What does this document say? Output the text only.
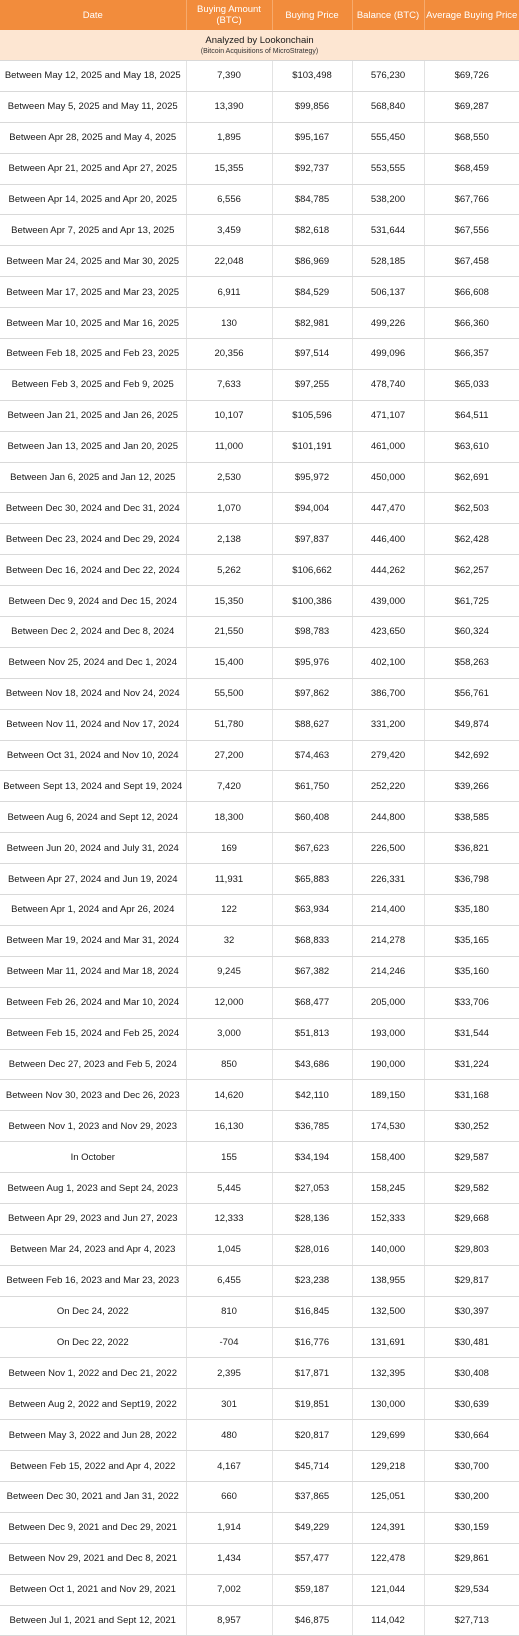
Date	Buying Amount (BTC)	Buying Price	Balance (BTC)	Average Buying Price

Analyzed by Lookonchain
(Bitcoin Acquisitions of MicroStrategy)				

Between May 12, 2025 and May 18, 2025	7,390	$103,498	576,230	$69,726
Between May 5, 2025 and May 11, 2025	13,390	$99,856	568,840	$69,287
Between Apr 28, 2025 and May 4, 2025	1,895	$95,167	555,450	$68,550
Between Apr 21, 2025 and Apr 27, 2025	15,355	$92,737	553,555	$68,459
Between Apr 14, 2025 and Apr 20, 2025	6,556	$84,785	538,200	$67,766
Between Apr 7, 2025 and Apr 13, 2025	3,459	$82,618	531,644	$67,556
Between Mar 24, 2025 and Mar 30, 2025	22,048	$86,969	528,185	$67,458
Between Mar 17, 2025 and Mar 23, 2025	6,911	$84,529	506,137	$66,608
Between Mar 10, 2025 and Mar 16, 2025	130	$82,981	499,226	$66,360
Between Feb 18, 2025 and Feb 23, 2025	20,356	$97,514	499,096	$66,357
Between Feb 3, 2025 and Feb 9, 2025	7,633	$97,255	478,740	$65,033
Between Jan 21, 2025 and Jan 26, 2025	10,107	$105,596	471,107	$64,511
Between Jan 13, 2025 and Jan 20, 2025	11,000	$101,191	461,000	$63,610
Between Jan 6, 2025 and Jan 12, 2025	2,530	$95,972	450,000	$62,691
Between Dec 30, 2024 and Dec 31, 2024	1,070	$94,004	447,470	$62,503
Between Dec 23, 2024 and Dec 29, 2024	2,138	$97,837	446,400	$62,428
Between Dec 16, 2024 and Dec 22, 2024	5,262	$106,662	444,262	$62,257
Between Dec 9, 2024 and Dec 15, 2024	15,350	$100,386	439,000	$61,725
Between Dec 2, 2024 and Dec 8, 2024	21,550	$98,783	423,650	$60,324
Between Nov 25, 2024 and Dec 1, 2024	15,400	$95,976	402,100	$58,263
Between Nov 18, 2024 and Nov 24, 2024	55,500	$97,862	386,700	$56,761
Between Nov 11, 2024 and Nov 17, 2024	51,780	$88,627	331,200	$49,874
Between Oct 31, 2024 and Nov 10, 2024	27,200	$74,463	279,420	$42,692
Between Sept 13, 2024 and Sept 19, 2024	7,420	$61,750	252,220	$39,266
Between Aug 6, 2024 and Sept 12, 2024	18,300	$60,408	244,800	$38,585
Between Jun 20, 2024 and July 31, 2024	169	$67,623	226,500	$36,821
Between Apr 27, 2024 and Jun 19, 2024	11,931	$65,883	226,331	$36,798
Between Apr 1, 2024 and Apr 26, 2024	122	$63,934	214,400	$35,180
Between Mar 19, 2024 and Mar 31, 2024	32	$68,833	214,278	$35,165
Between Mar 11, 2024 and Mar 18, 2024	9,245	$67,382	214,246	$35,160
Between Feb 26, 2024 and Mar 10, 2024	12,000	$68,477	205,000	$33,706
Between Feb 15, 2024 and Feb 25, 2024	3,000	$51,813	193,000	$31,544
Between Dec 27, 2023 and Feb 5, 2024	850	$43,686	190,000	$31,224
Between Nov 30, 2023 and Dec 26, 2023	14,620	$42,110	189,150	$31,168
Between Nov 1, 2023 and Nov 29, 2023	16,130	$36,785	174,530	$30,252
In October	155	$34,194	158,400	$29,587
Between Aug 1, 2023 and Sept 24, 2023	5,445	$27,053	158,245	$29,582
Between Apr 29, 2023 and Jun 27, 2023	12,333	$28,136	152,333	$29,668
Between Mar 24, 2023 and Apr 4, 2023	1,045	$28,016	140,000	$29,803
Between Feb 16, 2023 and Mar 23, 2023	6,455	$23,238	138,955	$29,817
On Dec 24, 2022	810	$16,845	132,500	$30,397
On Dec 22, 2022	-704	$16,776	131,691	$30,481
Between Nov 1, 2022 and Dec 21, 2022	2,395	$17,871	132,395	$30,408
Between Aug 2, 2022 and Sept19, 2022	301	$19,851	130,000	$30,639
Between May 3, 2022 and Jun 28, 2022	480	$20,817	129,699	$30,664
Between Feb 15, 2022 and Apr 4, 2022	4,167	$45,714	129,218	$30,700
Between Dec 30, 2021 and Jan 31, 2022	660	$37,865	125,051	$30,200
Between Dec 9, 2021 and Dec 29, 2021	1,914	$49,229	124,391	$30,159
Between Nov 29, 2021 and Dec 8, 2021	1,434	$57,477	122,478	$29,861
Between Oct 1, 2021 and Nov 29, 2021	7,002	$59,187	121,044	$29,534
Between Jul 1, 2021 and Sept 12, 2021	8,957	$46,875	114,042	$27,713
